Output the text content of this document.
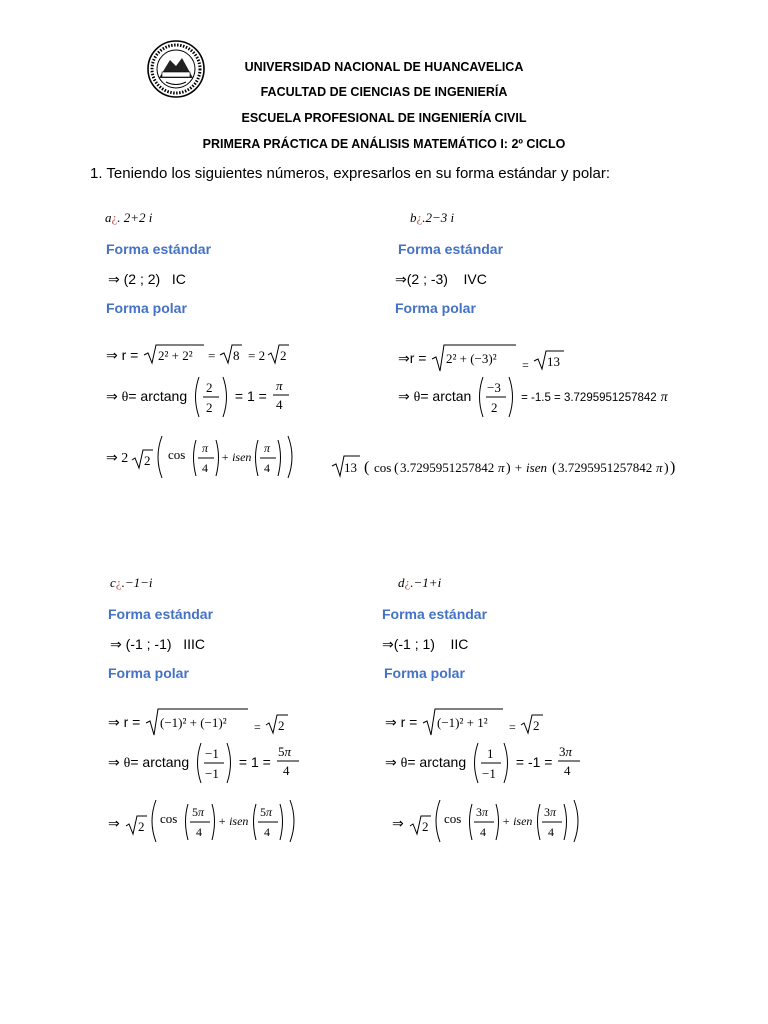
UNIVERSIDAD NACIONAL DE HUANCAVELICA
FACULTAD DE CIENCIAS DE INGENIERÍA
ESCUELA PROFESIONAL DE INGENIERÍA CIVIL
PRIMERA PRÁCTICA DE ANÁLISIS MATEMÁTICO I: 2º CICLO
1. Teniendo los siguientes números, expresarlos en su forma estándar y polar:
a¿. 2+2 i
Forma estándar
⇒ (2 ; 2) IC
Forma polar
⇒ r = 2² + 2² = 8 = 2 2
⇒ θ= arctang
2
2
= 1 =
π
4
⇒ 2 2 cos π
4
+ isen
π
4
b¿.2−3 i
Forma estándar
⇒(2 ; -3) IVC
Forma polar
⇒r = 2² + (−3)² = 13
⇒ θ= arctan
−3
2
= -1.5 = 3.7295951257842 π
13 ( cos ( 3.7295951257842 π ) + isen ( 3.7295951257842 π ) )
c¿.−1−i
Forma estándar
⇒ (-1 ; -1) IIIC
Forma polar
⇒ r = (−1)² + (−1)² = 2
⇒ θ= arctang
−1
−1
= 1 =
5π
4
⇒ 2
cos 5π
4
+ isen
5π
4
d¿.−1+i
Forma estándar
⇒(-1 ; 1) IIC
Forma polar
⇒ r = (−1)² + 1² = 2
⇒ θ= arctang
1
−1
= -1 =
3π
4
⇒ 2
cos 3π
4
+ isen
3π
4
